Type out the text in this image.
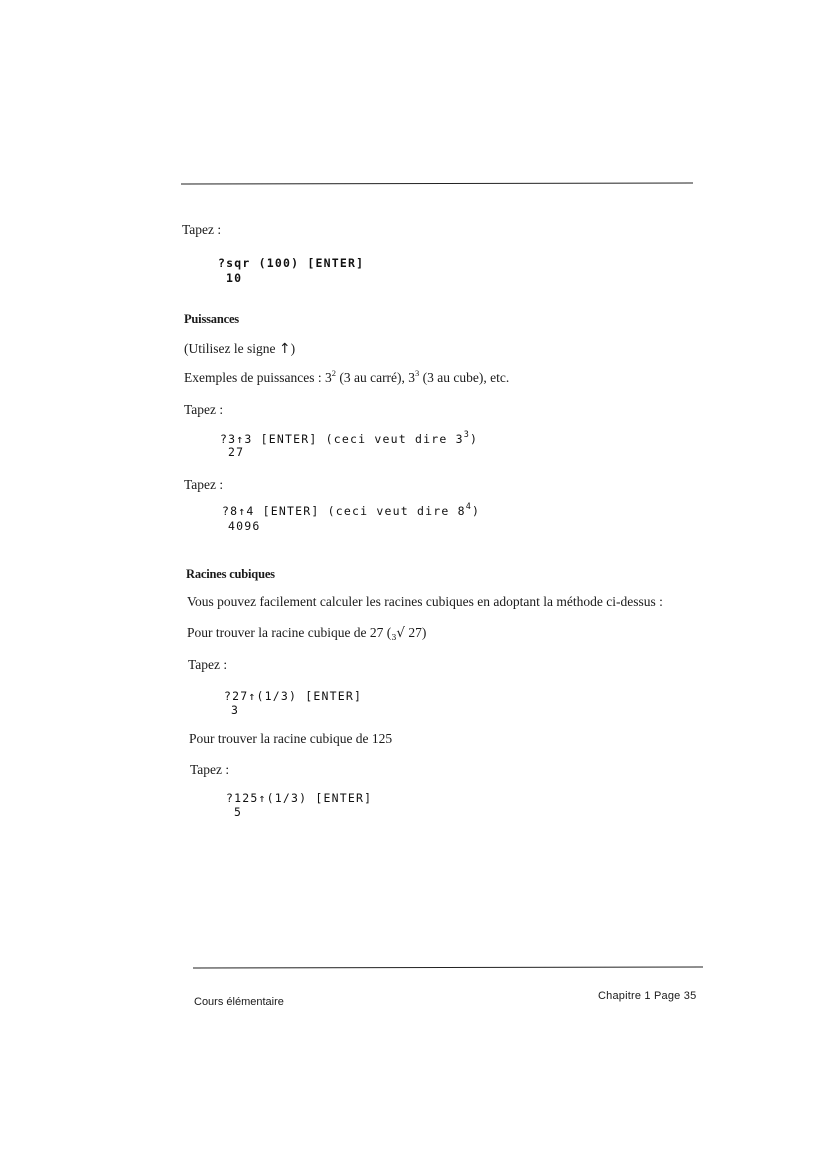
Tapez :
?sqr (100) [ENTER]
10
Puissances
(Utilisez le signe ↑)
Exemples de puissances : $3^2$ (3 au carré), $3^3$ (3 au cube), etc.
Tapez :
?3↑3 [ENTER] (ceci veut dire $3^3$)
27
Tapez :
?8↑4 [ENTER] (ceci veut dire $8^4$)
4096
Racines cubiques
Vous pouvez facilement calculer les racines cubiques en adoptant la méthode ci-dessus :
Pour trouver la racine cubique de 27 ($_3√$ 27)
Tapez :
?27↑(1/3) [ENTER]
3
Pour trouver la racine cubique de 125
Tapez :
?125↑(1/3) [ENTER]
5
Cours élémentaire	Chapitre 1 Page 35
